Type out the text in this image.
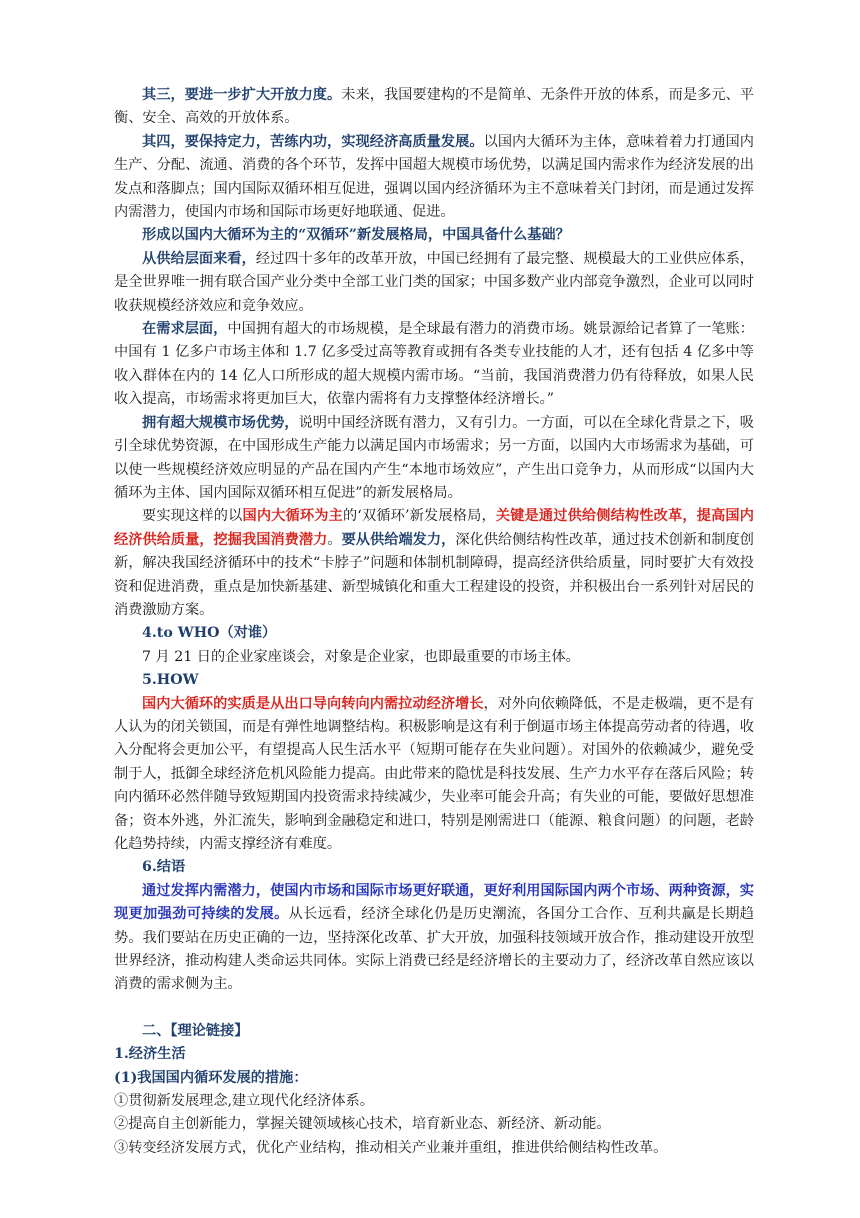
其三，要进一步扩大开放力度。未来，我国要建构的不是简单、无条件开放的体系，而是多元、平衡、安全、高效的开放体系。

其四，要保持定力，苦练内功，实现经济高质量发展。以国内大循环为主体，意味着着力打通国内生产、分配、流通、消费的各个环节，发挥中国超大规模市场优势，以满足国内需求作为经济发展的出发点和落脚点；国内国际双循环相互促进，强调以国内经济循环为主不意味着关门封闭，而是通过发挥内需潜力，使国内市场和国际市场更好地联通、促进。

形成以国内大循环为主的“双循环”新发展格局，中国具备什么基础？

从供给层面来看，经过四十多年的改革开放，中国已经拥有了最完整、规模最大的工业供应体系，是全世界唯一拥有联合国产业分类中全部工业门类的国家；中国多数产业内部竞争激烈，企业可以同时收获规模经济效应和竞争效应。

在需求层面，中国拥有超大的市场规模，是全球最有潜力的消费市场。姚景源给记者算了一笔账：中国有 1 亿多户市场主体和 1.7 亿多受过高等教育或拥有各类专业技能的人才，还有包括 4 亿多中等收入群体在内的 14 亿人口所形成的超大规模内需市场。“当前，我国消费潜力仍有待释放，如果人民收入提高，市场需求将更加巨大，依靠内需将有力支撑整体经济增长。”

拥有超大规模市场优势，说明中国经济既有潜力，又有引力。一方面，可以在全球化背景之下，吸引全球优势资源，在中国形成生产能力以满足国内市场需求；另一方面，以国内大市场需求为基础，可以使一些规模经济效应明显的产品在国内产生“本地市场效应”，产生出口竞争力，从而形成“以国内大循环为主体、国内国际双循环相互促进”的新发展格局。

要实现这样的以国内大循环为主的‘双循环’新发展格局，关键是通过供给侧结构性改革，提高国内经济供给质量，挖掘我国消费潜力。要从供给端发力，深化供给侧结构性改革，通过技术创新和制度创新，解决我国经济循环中的技术“卡脖子”问题和体制机制障碍，提高经济供给质量，同时要扩大有效投资和促进消费，重点是加快新基建、新型城镇化和重大工程建设的投资，并积极出台一系列针对居民的消费激励方案。

4.to WHO（对谁）

7 月 21 日的企业家座谈会，对象是企业家，也即最重要的市场主体。

5.HOW

国内大循环的实质是从出口导向转向内需拉动经济增长，对外向依赖降低，不是走极端，更不是有人认为的闭关锁国，而是有弹性地调整结构。积极影响是这有利于倒逼市场主体提高劳动者的待遇，收入分配将会更加公平，有望提高人民生活水平（短期可能存在失业问题）。对国外的依赖减少，避免受制于人，抵御全球经济危机风险能力提高。由此带来的隐忧是科技发展、生产力水平存在落后风险；转向内循环必然伴随导致短期国内投资需求持续减少，失业率可能会升高；有失业的可能，要做好思想准备；资本外逃，外汇流失，影响到金融稳定和进口，特别是刚需进口（能源、粮食问题）的问题，老龄化趋势持续，内需支撑经济有难度。

6.结语

通过发挥内需潜力，使国内市场和国际市场更好联通，更好利用国际国内两个市场、两种资源，实现更加强劲可持续的发展。从长远看，经济全球化仍是历史潮流，各国分工合作、互利共赢是长期趋势。我们要站在历史正确的一边，坚持深化改革、扩大开放，加强科技领域开放合作，推动建设开放型世界经济，推动构建人类命运共同体。实际上消费已经是经济增长的主要动力了，经济改革自然应该以消费的需求侧为主。

二、【理论链接】

1.经济生活

(1)我国国内循环发展的措施：

①贯彻新发展理念,建立现代化经济体系。

②提高自主创新能力，掌握关键领域核心技术，培育新业态、新经济、新动能。

③转变经济发展方式，优化产业结构，推动相关产业兼并重组，推进供给侧结构性改革。
